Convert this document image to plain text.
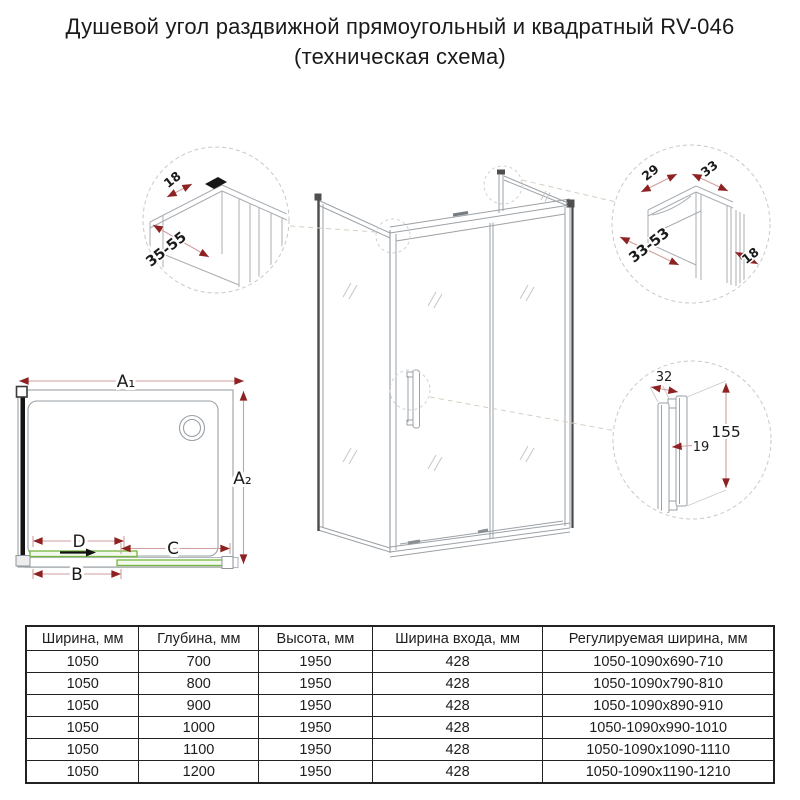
Душевой угол раздвижной прямоугольный и квадратный RV-046
(техническая схема)
18
35-55
29	33
33-53	18
32
19
155
A₁
A₂
D	C
B
Ширина, мм	Глубина, мм	Высота, мм	Ширина входа, мм	Регулируемая ширина, мм
1050	700	1950	428	1050-1090x690-710
1050	800	1950	428	1050-1090x790-810
1050	900	1950	428	1050-1090x890-910
1050	1000	1950	428	1050-1090x990-1010
1050	1100	1950	428	1050-1090x1090-1110
1050	1200	1950	428	1050-1090x1190-1210
